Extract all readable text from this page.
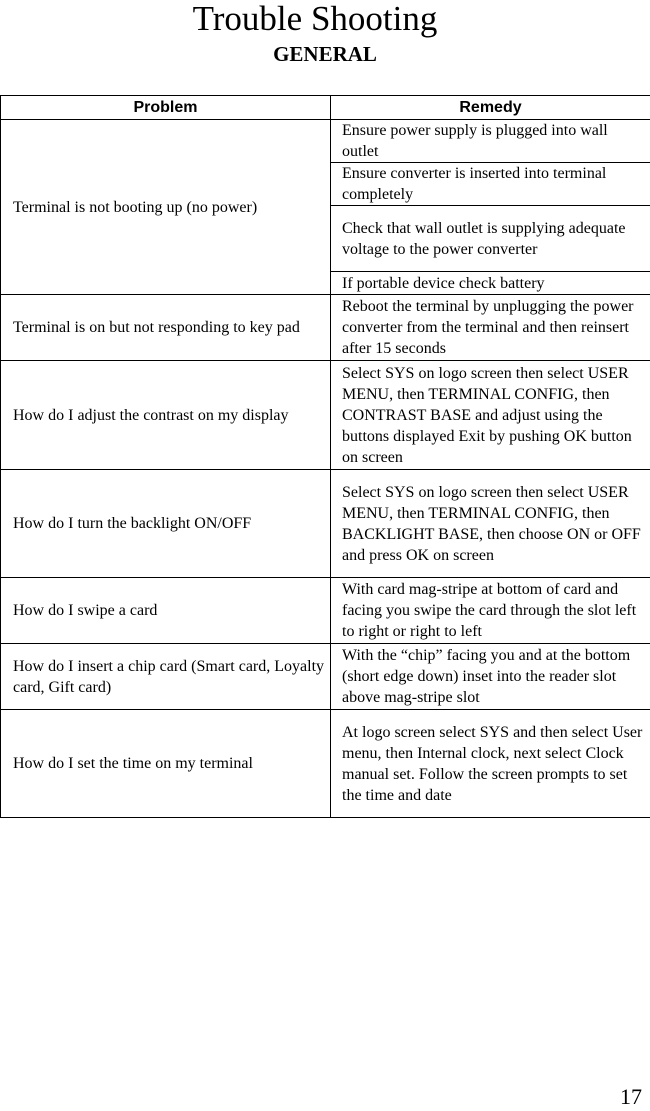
Trouble Shooting
GENERAL
Problem	Remedy
Terminal is not booting up (no power)	Ensure power supply is plugged into wall outlet
	Ensure converter is inserted into terminal completely
	Check that wall outlet is supplying adequate voltage to the power converter
	If portable device check battery
Terminal is on but not responding to key pad	Reboot the terminal by unplugging the power converter from the terminal and then reinsert after 15 seconds
How do I adjust the contrast on my display	Select SYS on logo screen then select USER MENU, then TERMINAL CONFIG, then CONTRAST BASE and adjust using the buttons displayed Exit by pushing OK button on screen
How do I turn the backlight ON/OFF	Select SYS on logo screen then select USER MENU, then TERMINAL CONFIG, then BACKLIGHT BASE, then choose ON or OFF and press OK on screen
How do I swipe a card	With card mag-stripe at bottom of card and facing you swipe the card through the slot left to right or right to left
How do I insert a chip card (Smart card, Loyalty card, Gift card)	With the “chip” facing you and at the bottom (short edge down) inset into the reader slot above mag-stripe slot
How do I set the time on my terminal	At logo screen select SYS and then select User menu, then Internal clock, next select Clock manual set. Follow the screen prompts to set the time and date
17
